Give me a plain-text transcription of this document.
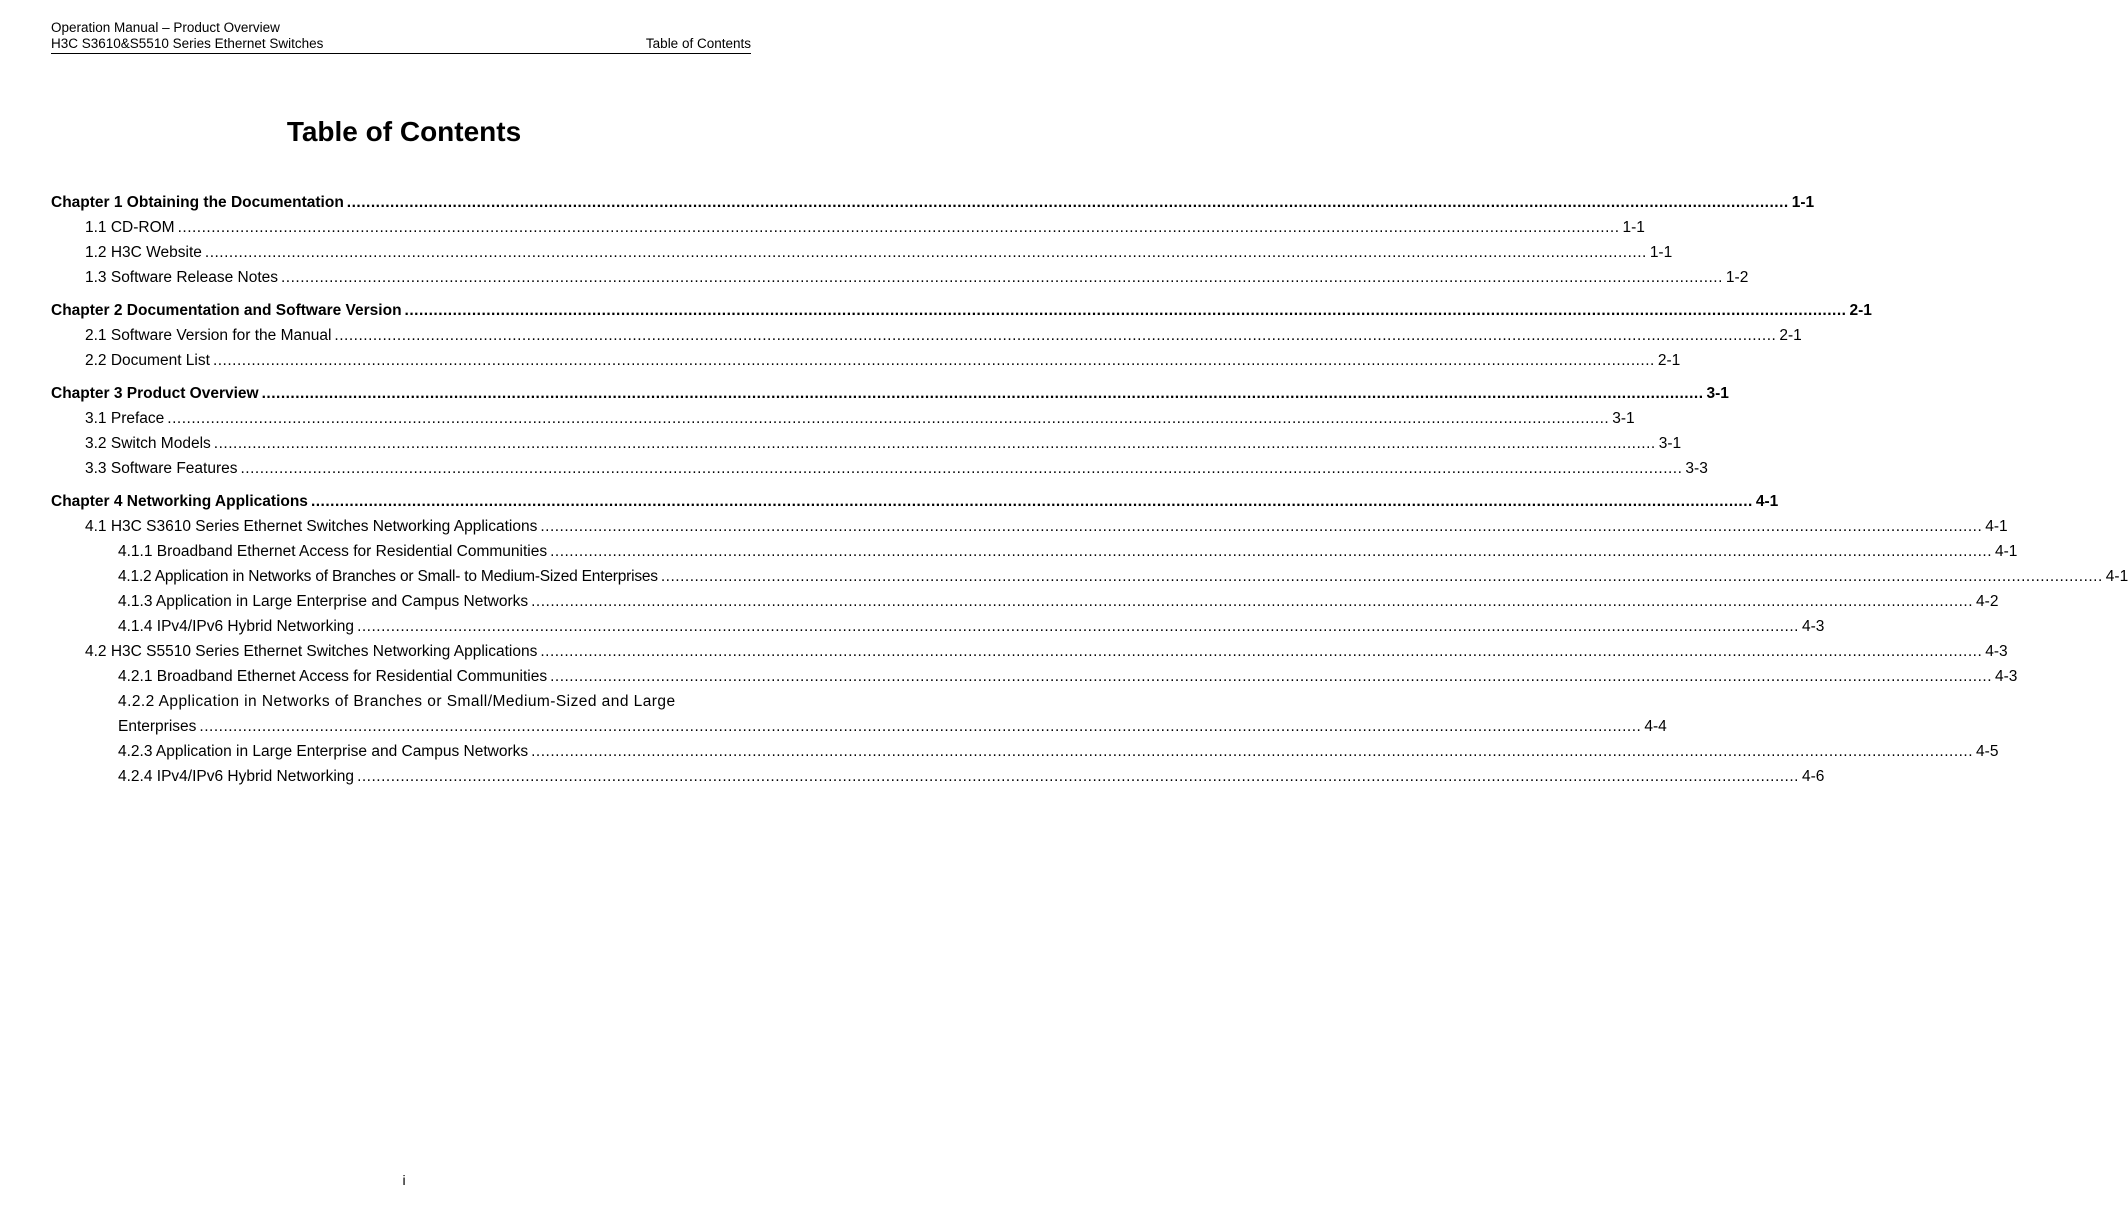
Operation Manual – Product Overview
H3C S3610&S5510 Series Ethernet Switches	Table of Contents
Table of Contents
Chapter 1 Obtaining the Documentation ............................................................................................................................................................................................................................................................................................................ 1-1
1.1 CD-ROM ............................................................................................................................................................................................................................................................................................................ 1-1
1.2 H3C Website ............................................................................................................................................................................................................................................................................................................ 1-1
1.3 Software Release Notes ............................................................................................................................................................................................................................................................................................................ 1-2
Chapter 2 Documentation and Software Version ............................................................................................................................................................................................................................................................................................................ 2-1
2.1 Software Version for the Manual ............................................................................................................................................................................................................................................................................................................ 2-1
2.2 Document List ............................................................................................................................................................................................................................................................................................................ 2-1
Chapter 3 Product Overview ............................................................................................................................................................................................................................................................................................................ 3-1
3.1 Preface ............................................................................................................................................................................................................................................................................................................ 3-1
3.2 Switch Models ............................................................................................................................................................................................................................................................................................................ 3-1
3.3 Software Features ............................................................................................................................................................................................................................................................................................................ 3-3
Chapter 4 Networking Applications ............................................................................................................................................................................................................................................................................................................ 4-1
4.1 H3C S3610 Series Ethernet Switches Networking Applications ............................................................................................................................................................................................................................................................................................................ 4-1
4.1.1 Broadband Ethernet Access for Residential Communities ............................................................................................................................................................................................................................................................................................................ 4-1
4.1.2 Application in Networks of Branches or Small- to Medium-Sized Enterprises ............................................................................................................................................................................................................................................................................................................ 4-1
4.1.3 Application in Large Enterprise and Campus Networks ............................................................................................................................................................................................................................................................................................................ 4-2
4.1.4 IPv4/IPv6 Hybrid Networking ............................................................................................................................................................................................................................................................................................................ 4-3
4.2 H3C S5510 Series Ethernet Switches Networking Applications ............................................................................................................................................................................................................................................................................................................ 4-3
4.2.1 Broadband Ethernet Access for Residential Communities ............................................................................................................................................................................................................................................................................................................ 4-3
4.2.2 Application in Networks of Branches or Small/Medium-Sized and Large
Enterprises ............................................................................................................................................................................................................................................................................................................ 4-4
4.2.3 Application in Large Enterprise and Campus Networks ............................................................................................................................................................................................................................................................................................................ 4-5
4.2.4 IPv4/IPv6 Hybrid Networking ............................................................................................................................................................................................................................................................................................................ 4-6
i
